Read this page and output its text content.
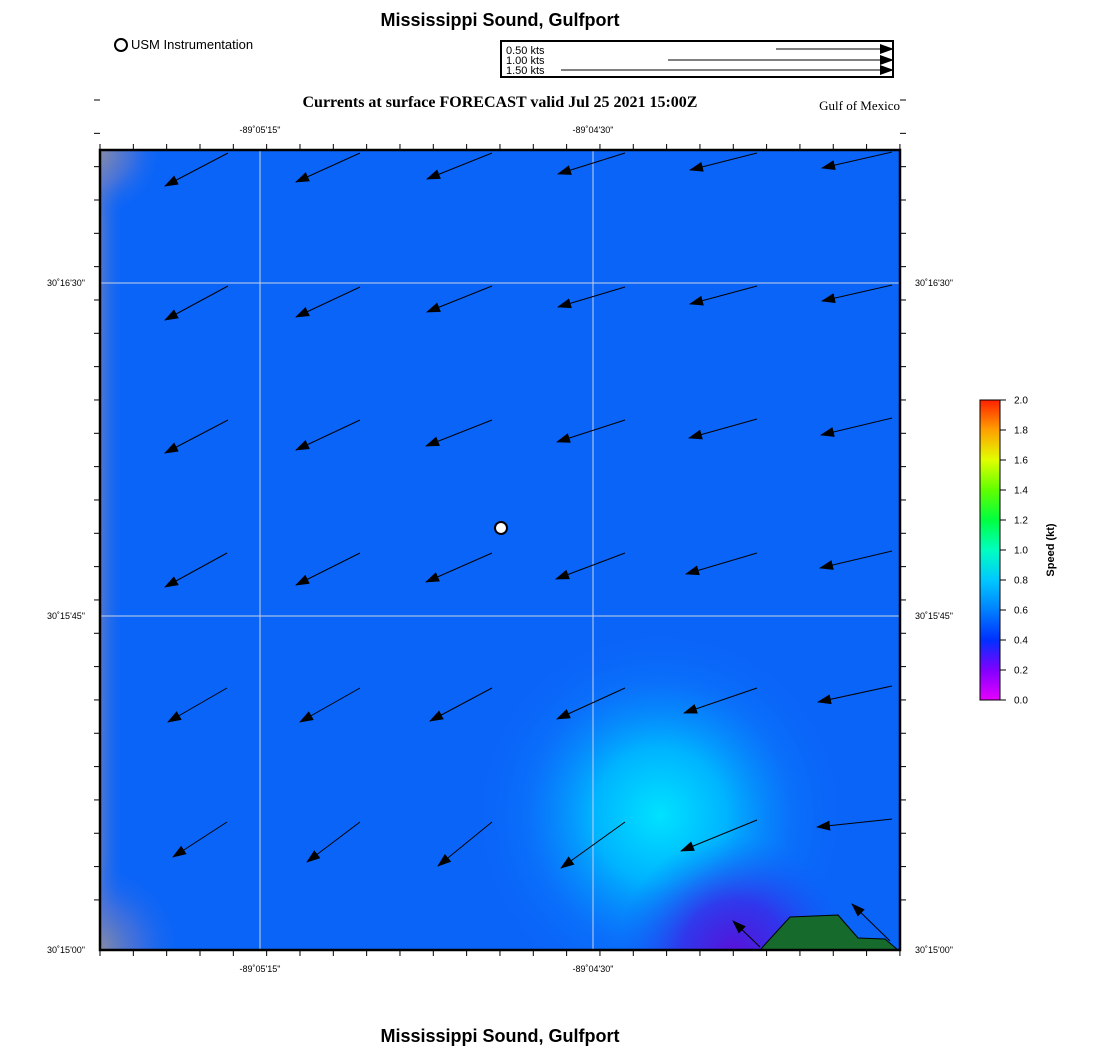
Mississippi Sound, Gulfport
USM Instrumentation	0.50 kts
1.00 kts
1.50 kts
Currents at surface FORECAST valid Jul 25 2021 15:00Z	Gulf of Mexico
-89˚05'15"	-89˚04'30"
-89˚05'15"	-89˚04'30"
30˚16'30"
30˚15'45"
30˚15'00"
30˚16'30"
30˚15'45"
30˚15'00"
0.0
0.2
0.4
0.6
0.8
1.0
1.2
1.4
1.6
1.8
2.0
Speed (kt)
Mississippi Sound, Gulfport
